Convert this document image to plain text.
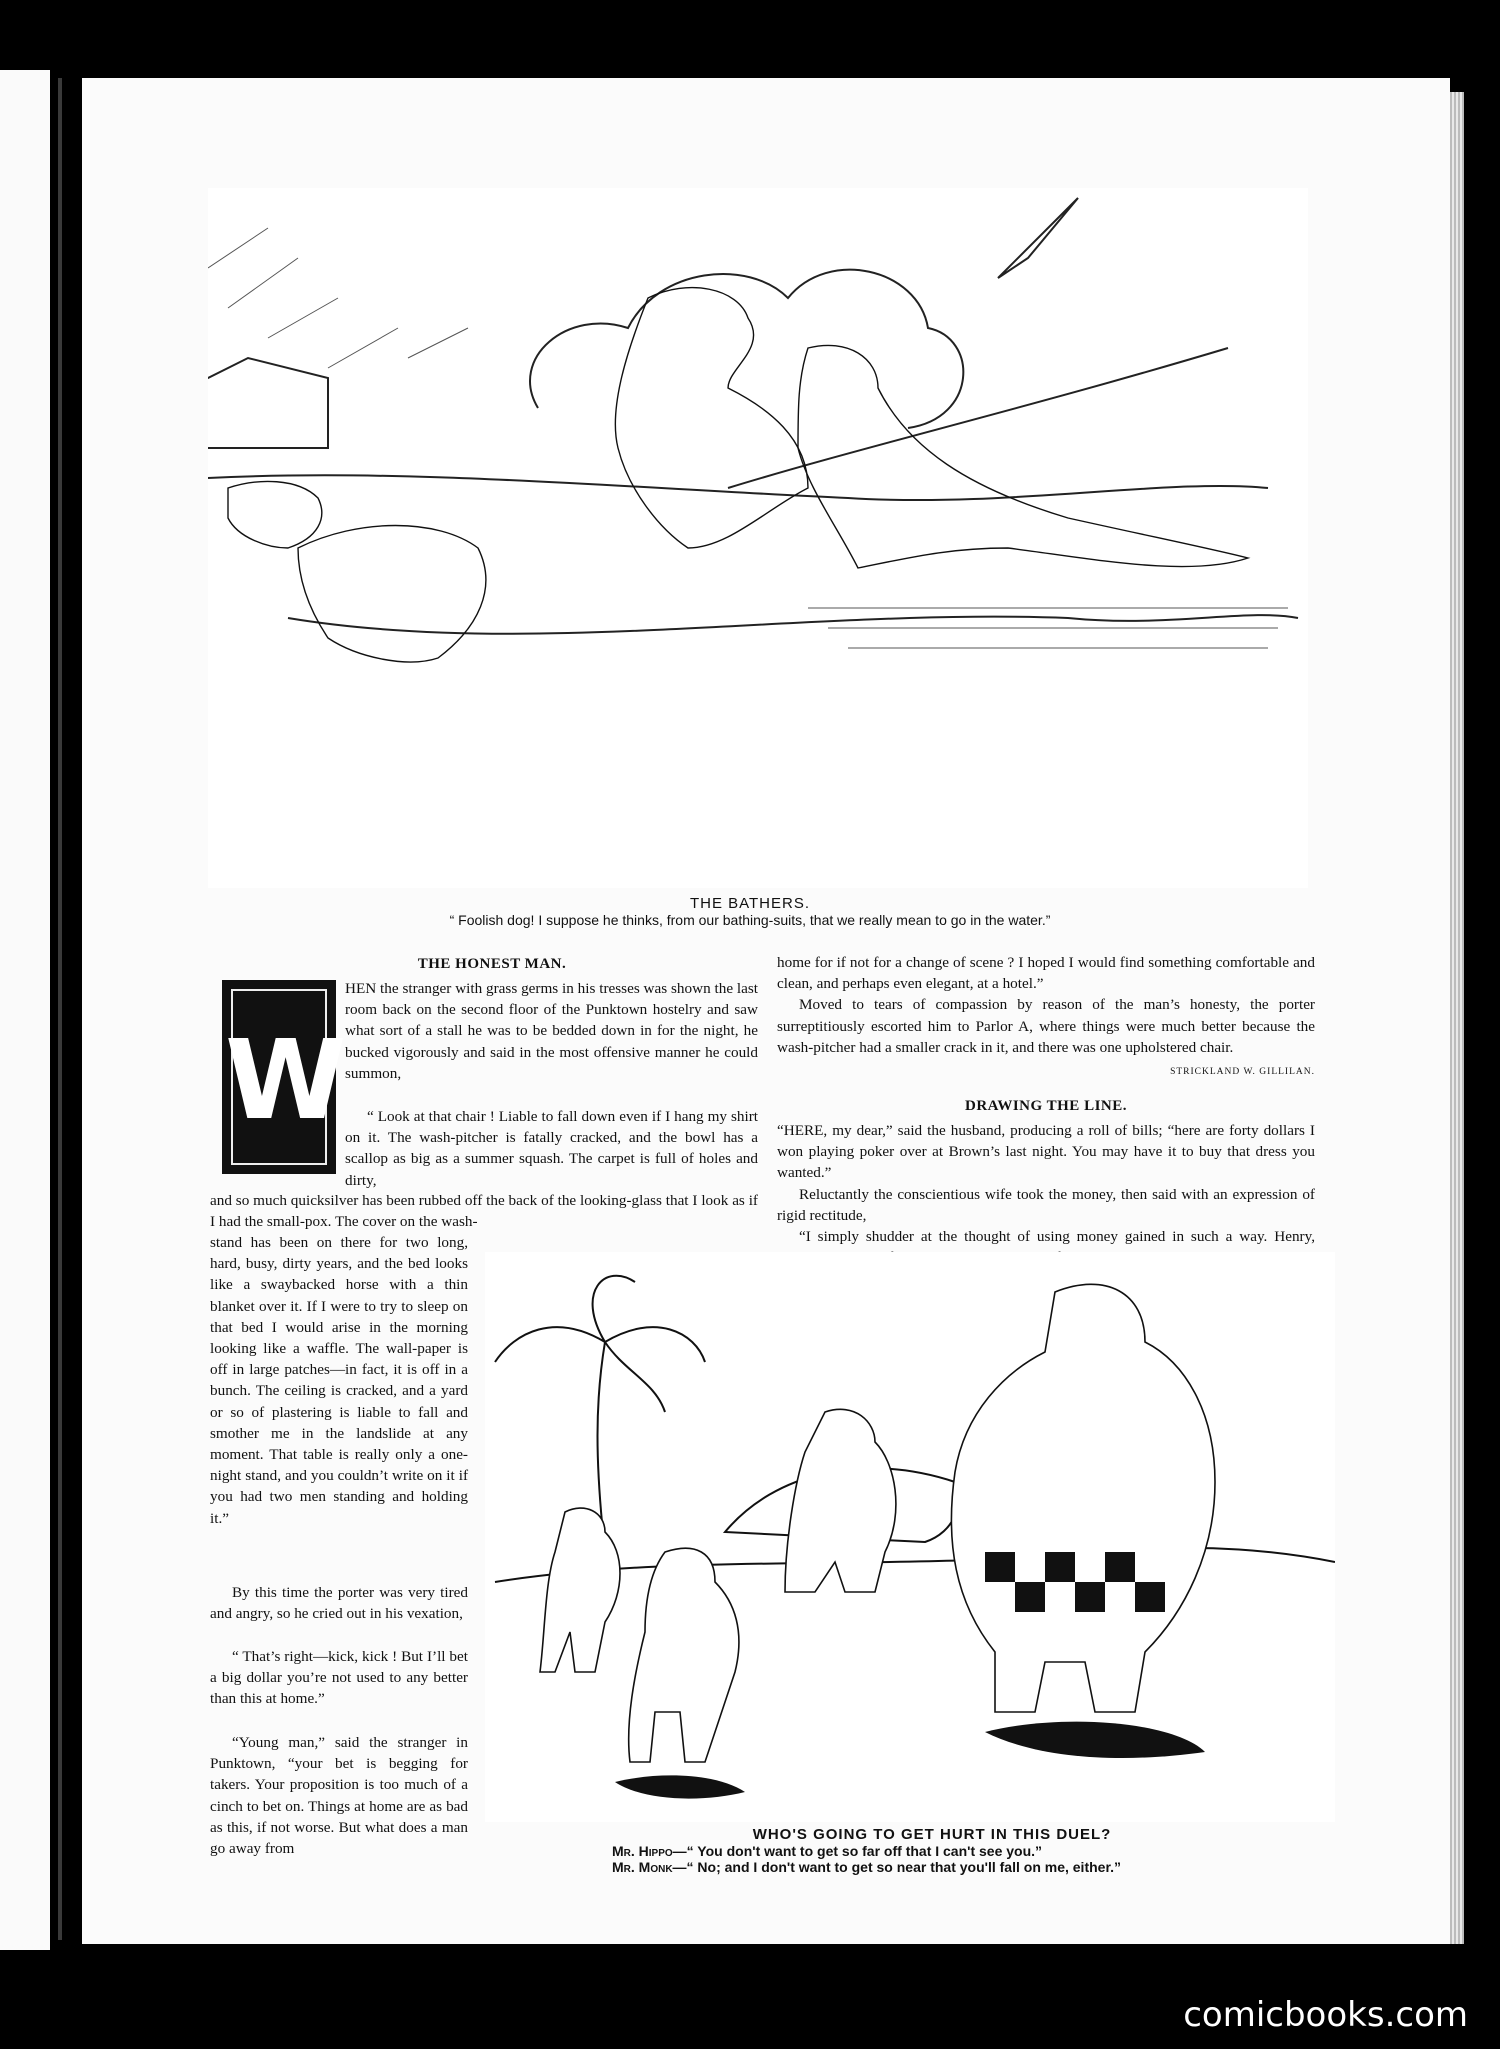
THE BATHERS.
“ Foolish dog! I suppose he thinks, from our bathing-suits, that we really mean to go in the water.”
THE HONEST MAN.
W
HEN the stranger with grass germs in his tresses was shown the last room back on the second floor of the Punktown hostelry and saw what sort of a stall he was to be bedded down in for the night, he bucked vigorously and said in the most offensive manner he could summon,
“ Look at that chair ! Liable to fall down even if I hang my shirt on it. The wash-pitcher is fatally cracked, and the bowl has a scallop as big as a summer squash. The carpet is full of holes and dirty,
and so much quicksilver has been rubbed off the back of the looking-glass that I look as if I had the small-pox. The cover on the wash-
stand has been on there for two long, hard, busy, dirty years, and the bed looks like a swaybacked horse with a thin blanket over it. If I were to try to sleep on that bed I would arise in the morning looking like a waffle. The wall-paper is off in large patches—in fact, it is off in a bunch. The ceiling is cracked, and a yard or so of plastering is liable to fall and smother me in the landslide at any moment. That table is really only a one-night stand, and you couldn’t write on it if you had two men standing and holding it.”
By this time the porter was very tired and angry, so he cried out in his vexation,
“ That’s right—kick, kick ! But I’ll bet a big dollar you’re not used to any better than this at home.”
“Young man,” said the stranger in Punktown, “your bet is begging for takers. Your proposition is too much of a cinch to bet on. Things at home are as bad as this, if not worse. But what does a man go away from

home for if not for a change of scene ? I hoped I would find something comfortable and clean, and perhaps even elegant, at a hotel.”

Moved to tears of compassion by reason of the man’s honesty, the porter surreptitiously escorted him to Parlor A, where things were much better because the wash-pitcher had a smaller crack in it, and there was one upholstered chair.
STRICKLAND W. GILLILAN.

DRAWING THE LINE.

“HERE, my dear,” said the husband, producing a roll of bills; “here are forty dollars I won playing poker over at Brown’s last night. You may have it to buy that dress you wanted.”

Reluctantly the conscientious wife took the money, then said with an expression of rigid rectitude,

“I simply shudder at the thought of using money gained in such a way. Henry,

WHO'S GOING TO GET HURT IN THIS DUEL?
Mr. Hippo—“ You don't want to get so far off that I can't see you.”
Mr. Monk—“ No; and I don't want to get so near that you'll fall on me, either.”
comicbooks.com
